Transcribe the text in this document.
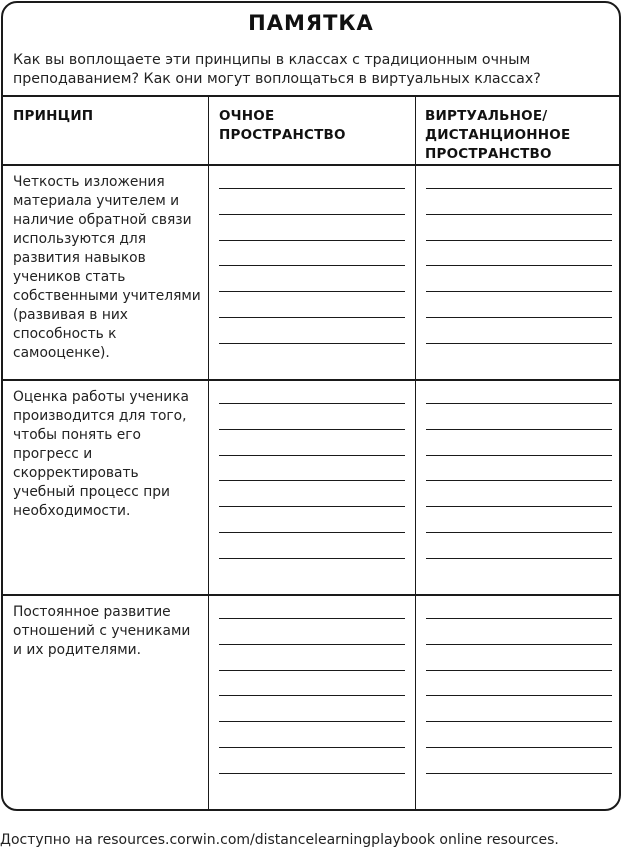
ПАМЯТКА
Как вы воплощаете эти принципы в классах с традиционным очным преподаванием? Как они могут воплощаться в виртуальных классах?
ПРИНЦИП	ОЧНОЕ ПРОСТРАНСТВО
ВИРТУАЛЬНОЕ/ ДИСТАНЦИОННОЕ ПРОСТРАНСТВО
Четкость изложения материала учителем и наличие обратной связи используются для развития навыков учеников стать собственными учителями (развивая в них способность к самооценке).
Оценка работы ученика производится для того, чтобы понять его прогресс и скорректировать учебный процесс при необходимости.
Постоянное развитие отношений с учениками и их родителями.
Доступно на resources.corwin.com/distancelearningplaybook online resources.
